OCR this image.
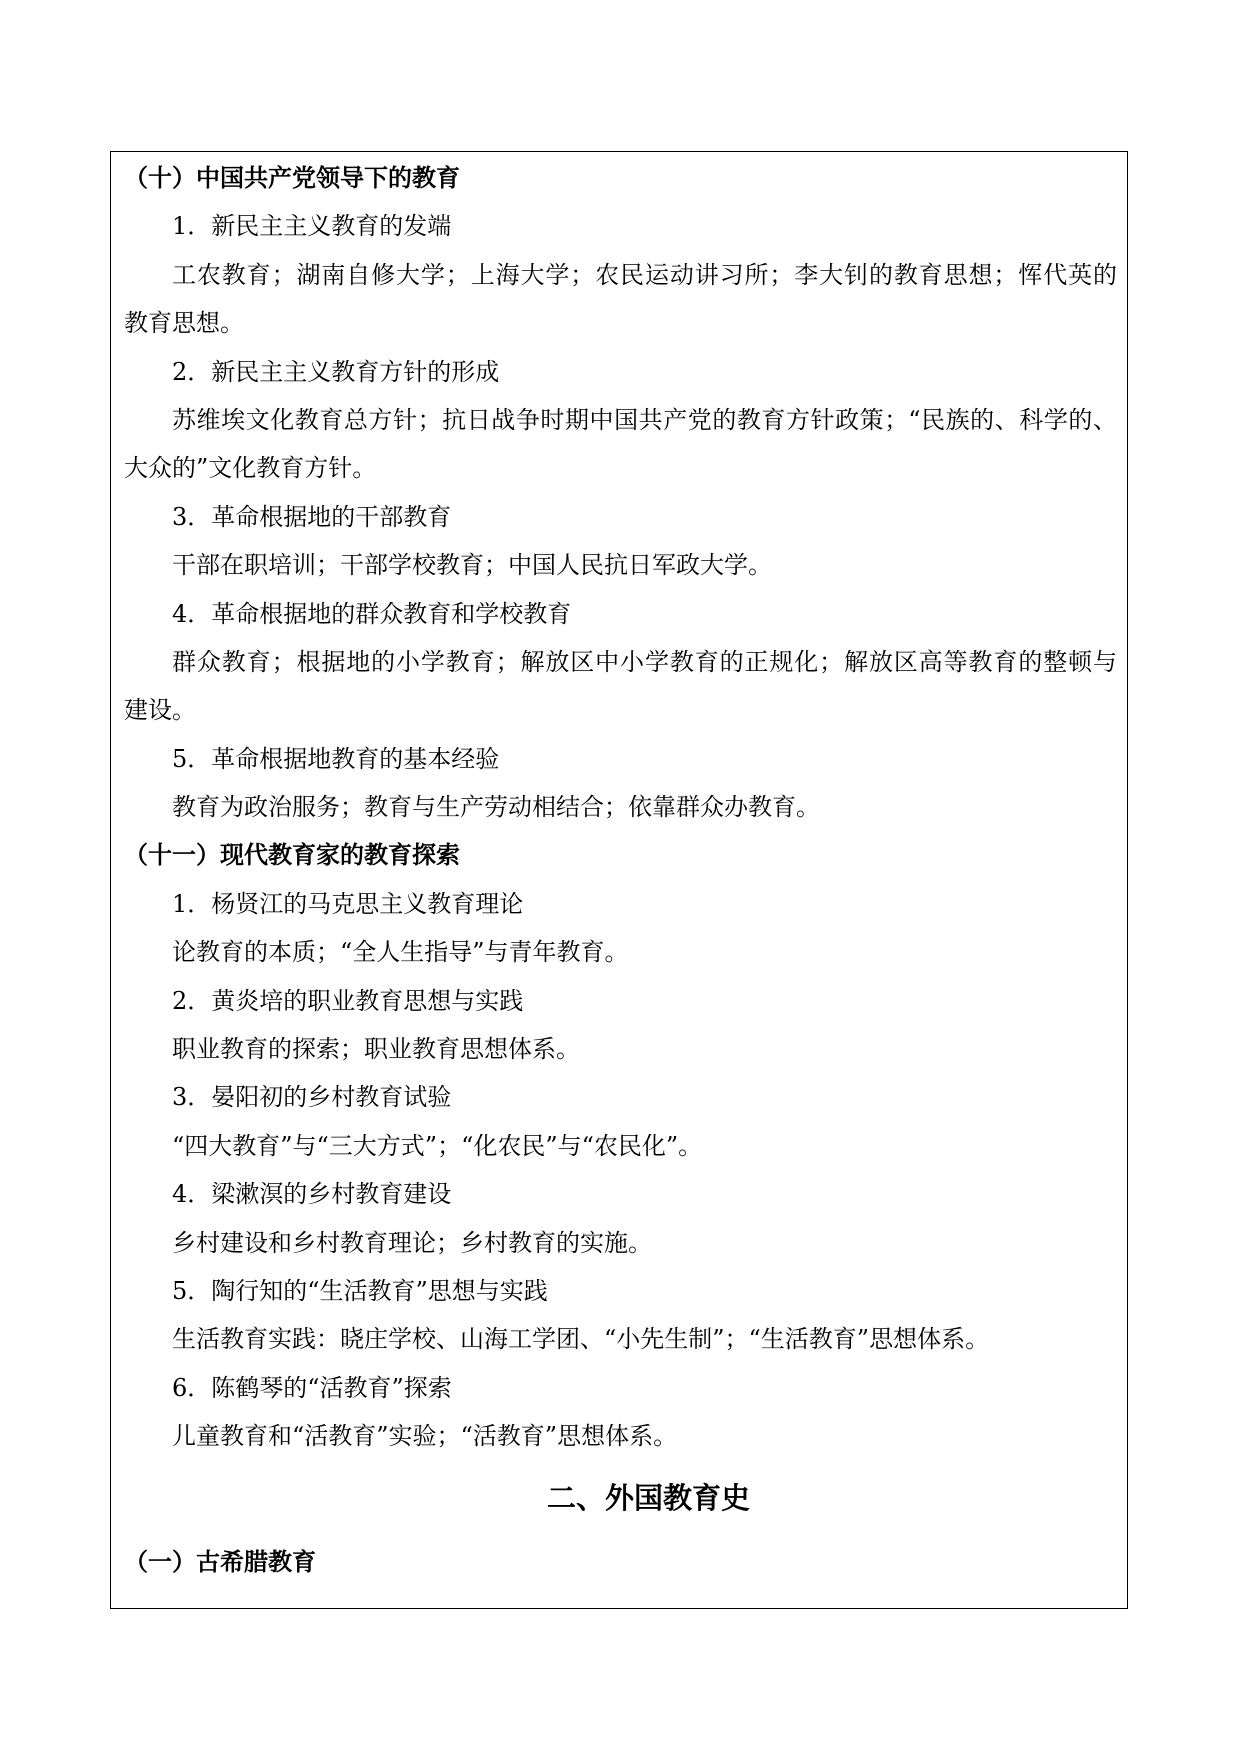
（十）中国共产党领导下的教育
1．新民主主义教育的发端
工农教育；湖南自修大学；上海大学；农民运动讲习所；李大钊的教育思想；恽代英的
教育思想。
2．新民主主义教育方针的形成
苏维埃文化教育总方针；抗日战争时期中国共产党的教育方针政策；“民族的、科学的、
大众的”文化教育方针。
3．革命根据地的干部教育
干部在职培训；干部学校教育；中国人民抗日军政大学。
4．革命根据地的群众教育和学校教育
群众教育；根据地的小学教育；解放区中小学教育的正规化；解放区高等教育的整顿与
建设。
5．革命根据地教育的基本经验
教育为政治服务；教育与生产劳动相结合；依靠群众办教育。
（十一）现代教育家的教育探索
1．杨贤江的马克思主义教育理论
论教育的本质；“全人生指导”与青年教育。
2．黄炎培的职业教育思想与实践
职业教育的探索；职业教育思想体系。
3．晏阳初的乡村教育试验
“四大教育”与“三大方式”；“化农民”与“农民化”。
4．梁漱溟的乡村教育建设
乡村建设和乡村教育理论；乡村教育的实施。
5．陶行知的“生活教育”思想与实践
生活教育实践：晓庄学校、山海工学团、“小先生制”；“生活教育”思想体系。
6．陈鹤琴的“活教育”探索
儿童教育和“活教育”实验；“活教育”思想体系。
二、外国教育史
（一）古希腊教育
